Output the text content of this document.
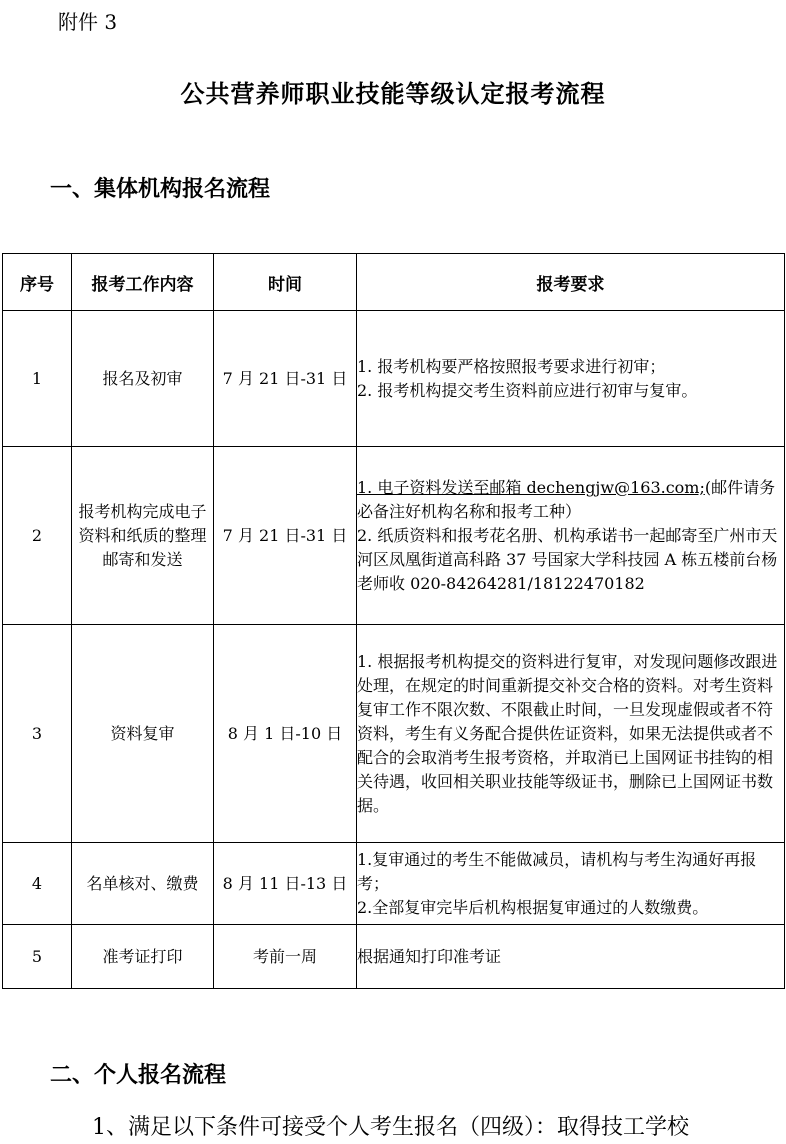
附件 3
公共营养师职业技能等级认定报考流程
一、集体机构报名流程
序号	报考工作内容	时间	报考要求
1	报名及初审	7 月 21 日-31 日	1. 报考机构要严格按照报考要求进行初审；
2. 报考机构提交考生资料前应进行初审与复审。

2	报考机构完成电子资料和纸质的整理邮寄和发送	7 月 21 日-31 日	1. 电子资料发送至邮箱 dechengjw@163.com;(邮件请务必备注好机构名称和报考工种）
2. 纸质资料和报考花名册、机构承诺书一起邮寄至广州市天河区凤凰街道高科路 37 号国家大学科技园 A 栋五楼前台杨老师收 020-84264281/18122470182

3	资料复审	8 月 1 日-10 日	1. 根据报考机构提交的资料进行复审，对发现问题修改跟进处理，在规定的时间重新提交补交合格的资料。对考生资料复审工作不限次数、不限截止时间，一旦发现虚假或者不符资料，考生有义务配合提供佐证资料，如果无法提供或者不配合的会取消考生报考资格，并取消已上国网证书挂钩的相关待遇，收回相关职业技能等级证书，删除已上国网证书数据。
4	名单核对、缴费	8 月 11 日-13 日	1.复审通过的考生不能做减员，请机构与考生沟通好再报考；
2.全部复审完毕后机构根据复审通过的人数缴费。

5	准考证打印	考前一周	根据通知打印准考证
二、个人报名流程
1、满足以下条件可接受个人考生报名（四级）：取得技工学校
